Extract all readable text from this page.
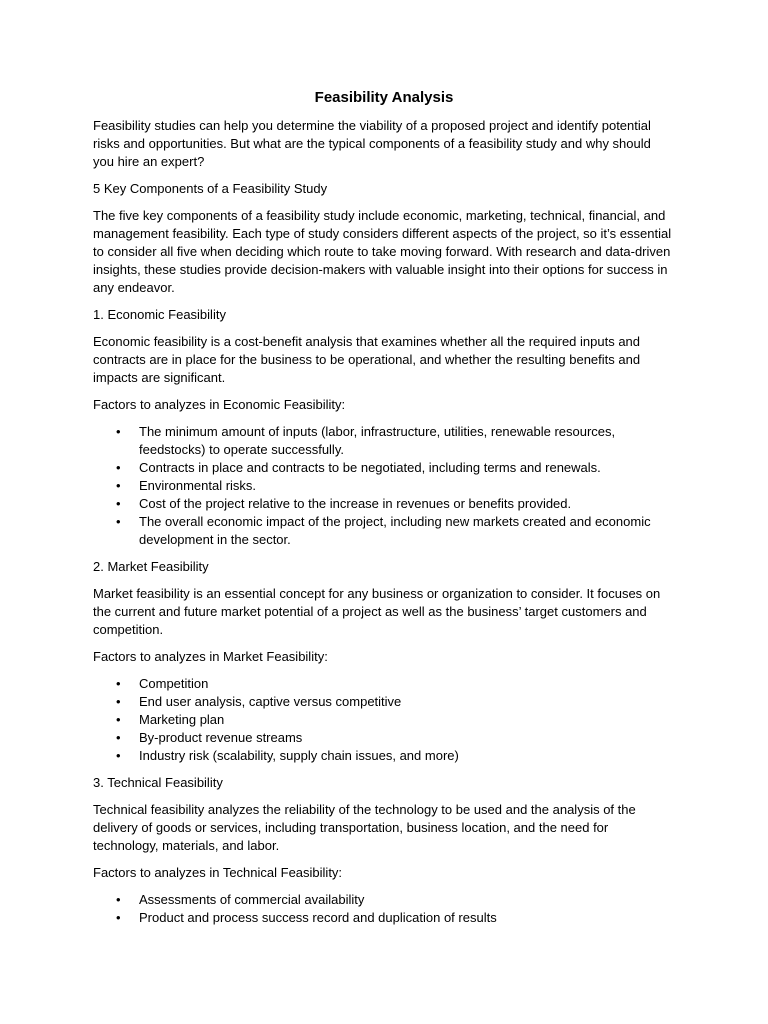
Feasibility Analysis

Feasibility studies can help you determine the viability of a proposed project and identify potential risks and opportunities. But what are the typical components of a feasibility study and why should you hire an expert?

5 Key Components of a Feasibility Study

The five key components of a feasibility study include economic, marketing, technical, financial, and management feasibility. Each type of study considers different aspects of the project, so it’s essential to consider all five when deciding which route to take moving forward. With research and data-driven insights, these studies provide decision-makers with valuable insight into their options for success in any endeavor.

1. Economic Feasibility

Economic feasibility is a cost-benefit analysis that examines whether all the required inputs and contracts are in place for the business to be operational, and whether the resulting benefits and impacts are significant.

Factors to analyzes in Economic Feasibility:

• The minimum amount of inputs (labor, infrastructure, utilities, renewable resources, feedstocks) to operate successfully.
• Contracts in place and contracts to be negotiated, including terms and renewals.
• Environmental risks.
• Cost of the project relative to the increase in revenues or benefits provided.
• The overall economic impact of the project, including new markets created and economic development in the sector.

2. Market Feasibility

Market feasibility is an essential concept for any business or organization to consider. It focuses on the current and future market potential of a project as well as the business’ target customers and competition.

Factors to analyzes in Market Feasibility:

• Competition
• End user analysis, captive versus competitive
• Marketing plan
• By-product revenue streams
• Industry risk (scalability, supply chain issues, and more)

3. Technical Feasibility

Technical feasibility analyzes the reliability of the technology to be used and the analysis of the delivery of goods or services, including transportation, business location, and the need for technology, materials, and labor.

Factors to analyzes in Technical Feasibility:

• Assessments of commercial availability
• Product and process success record and duplication of results
